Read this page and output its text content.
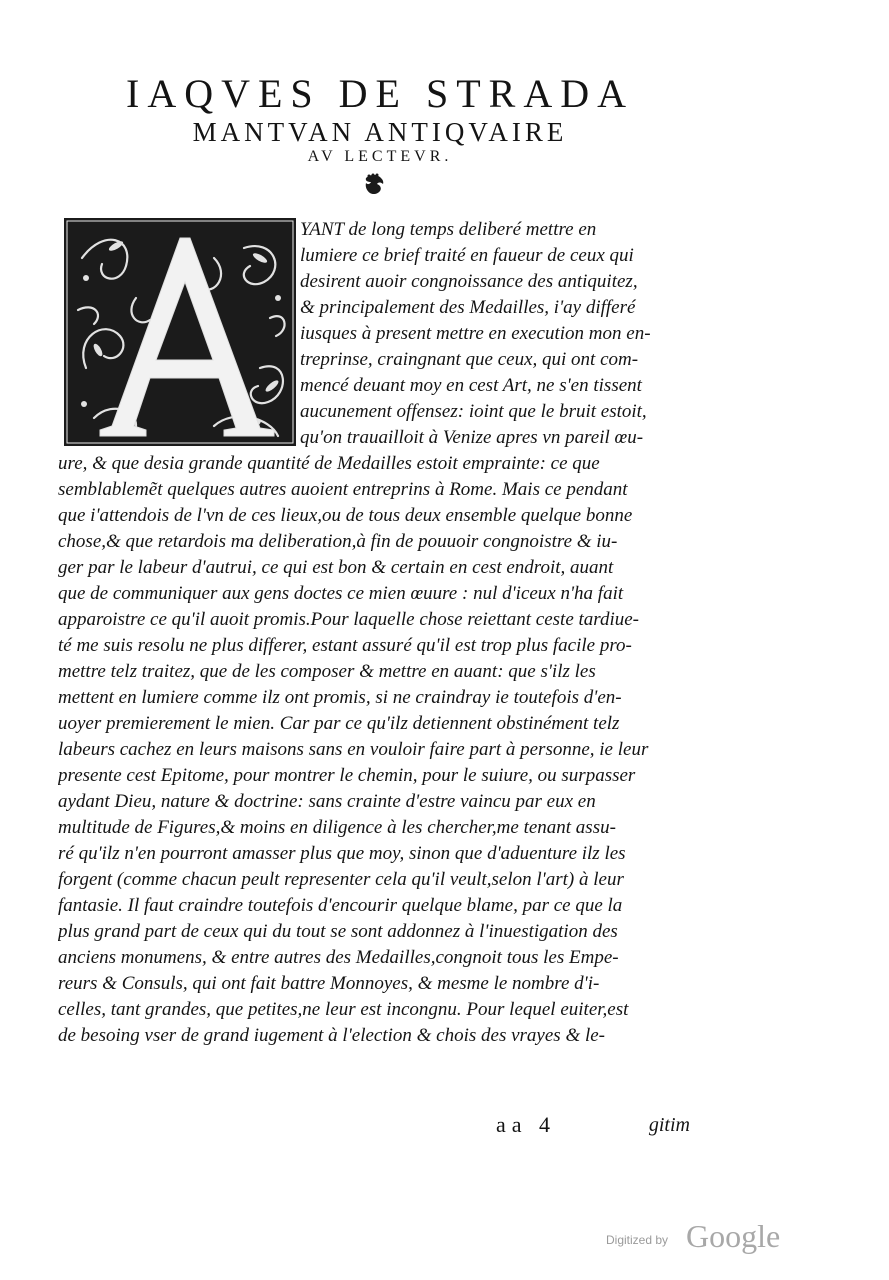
IAQVES DE STRADA
MANTVAN ANTIQVAIRE
AV LECTEVR.
YANT de long temps deliberé mettre en
lumiere ce brief traité en faueur de ceux qui
desirent auoir congnoissance des antiquitez,
& principalement des Medailles, i'ay differé
iusques à present mettre en execution mon en-
treprinse, craingnant que ceux, qui ont com-
mencé deuant moy en cest Art, ne s'en tissent
aucunement offensez: ioint que le bruit estoit,
qu'on trauailloit à Venize apres vn pareil œu-
ure, & que desia grande quantité de Medailles estoit emprainte: ce que
semblablemẽt quelques autres auoient entreprins à Rome. Mais ce pendant
que i'attendois de l'vn de ces lieux,ou de tous deux ensemble quelque bonne
chose,& que retardois ma deliberation,à fin de pouuoir congnoistre & iu-
ger par le labeur d'autrui, ce qui est bon & certain en cest endroit, auant
que de communiquer aux gens doctes ce mien œuure : nul d'iceux n'ha fait
apparoistre ce qu'il auoit promis.Pour laquelle chose reiettant ceste tardiue-
té me suis resolu ne plus differer, estant assuré qu'il est trop plus facile pro-
mettre telz traitez, que de les composer & mettre en auant: que s'ilz les
mettent en lumiere comme ilz ont promis, si ne craindray ie toutefois d'en-
uoyer premierement le mien. Car par ce qu'ilz detiennent obstinément telz
labeurs cachez en leurs maisons sans en vouloir faire part à personne, ie leur
presente cest Epitome, pour montrer le chemin, pour le suiure, ou surpasser
aydant Dieu, nature & doctrine: sans crainte d'estre vaincu par eux en
multitude de Figures,& moins en diligence à les chercher,me tenant assu-
ré qu'ilz n'en pourront amasser plus que moy, sinon que d'aduenture ilz les
forgent (comme chacun peult representer cela qu'il veult,selon l'art) à leur
fantasie. Il faut craindre toutefois d'encourir quelque blame, par ce que la
plus grand part de ceux qui du tout se sont addonnez à l'inuestigation des
anciens monumens, & entre autres des Medailles,congnoit tous les Empe-
reurs & Consuls, qui ont fait battre Monnoyes, & mesme le nombre d'i-
celles, tant grandes, que petites,ne leur est incongnu. Pour lequel euiter,est
de besoing vser de grand iugement à l'election & chois des vrayes & le-
aa 4	gitim
Digitized by Google
